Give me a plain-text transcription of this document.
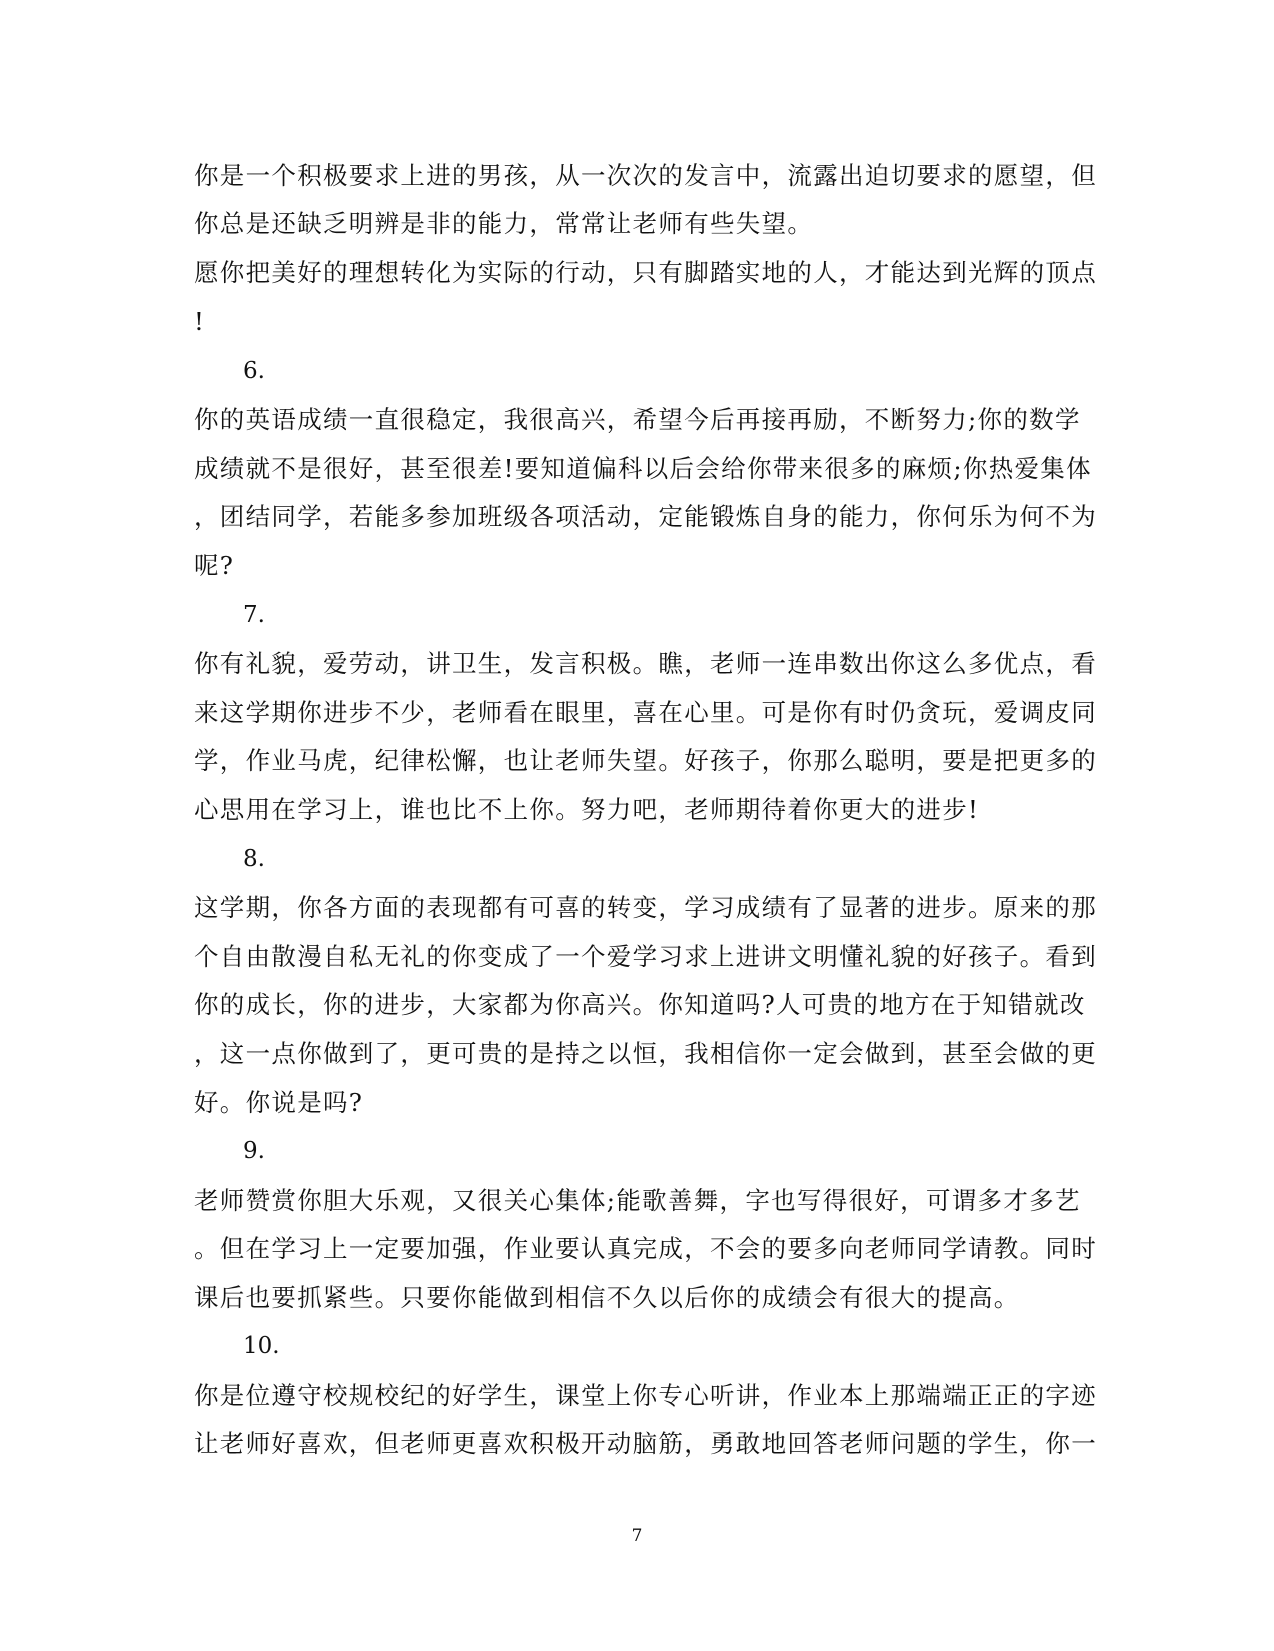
你是一个积极要求上进的男孩，从一次次的发言中，流露出迫切要求的愿望，但
你总是还缺乏明辨是非的能力，常常让老师有些失望。
愿你把美好的理想转化为实际的行动，只有脚踏实地的人，才能达到光辉的顶点
!
6.
你的英语成绩一直很稳定，我很高兴，希望今后再接再励，不断努力;你的数学
成绩就不是很好，甚至很差!要知道偏科以后会给你带来很多的麻烦;你热爱集体
，团结同学，若能多参加班级各项活动，定能锻炼自身的能力，你何乐为何不为
呢?
7.
你有礼貌，爱劳动，讲卫生，发言积极。瞧，老师一连串数出你这么多优点，看
来这学期你进步不少，老师看在眼里，喜在心里。可是你有时仍贪玩，爱调皮同
学，作业马虎，纪律松懈，也让老师失望。好孩子，你那么聪明，要是把更多的
心思用在学习上，谁也比不上你。努力吧，老师期待着你更大的进步!
8.
这学期，你各方面的表现都有可喜的转变，学习成绩有了显著的进步。原来的那
个自由散漫自私无礼的你变成了一个爱学习求上进讲文明懂礼貌的好孩子。看到
你的成长，你的进步，大家都为你高兴。你知道吗?人可贵的地方在于知错就改
，这一点你做到了，更可贵的是持之以恒，我相信你一定会做到，甚至会做的更
好。你说是吗?
9.
老师赞赏你胆大乐观，又很关心集体;能歌善舞，字也写得很好，可谓多才多艺
。但在学习上一定要加强，作业要认真完成，不会的要多向老师同学请教。同时
课后也要抓紧些。只要你能做到相信不久以后你的成绩会有很大的提高。
10.
你是位遵守校规校纪的好学生，课堂上你专心听讲，作业本上那端端正正的字迹
让老师好喜欢，但老师更喜欢积极开动脑筋，勇敢地回答老师问题的学生，你一
7
